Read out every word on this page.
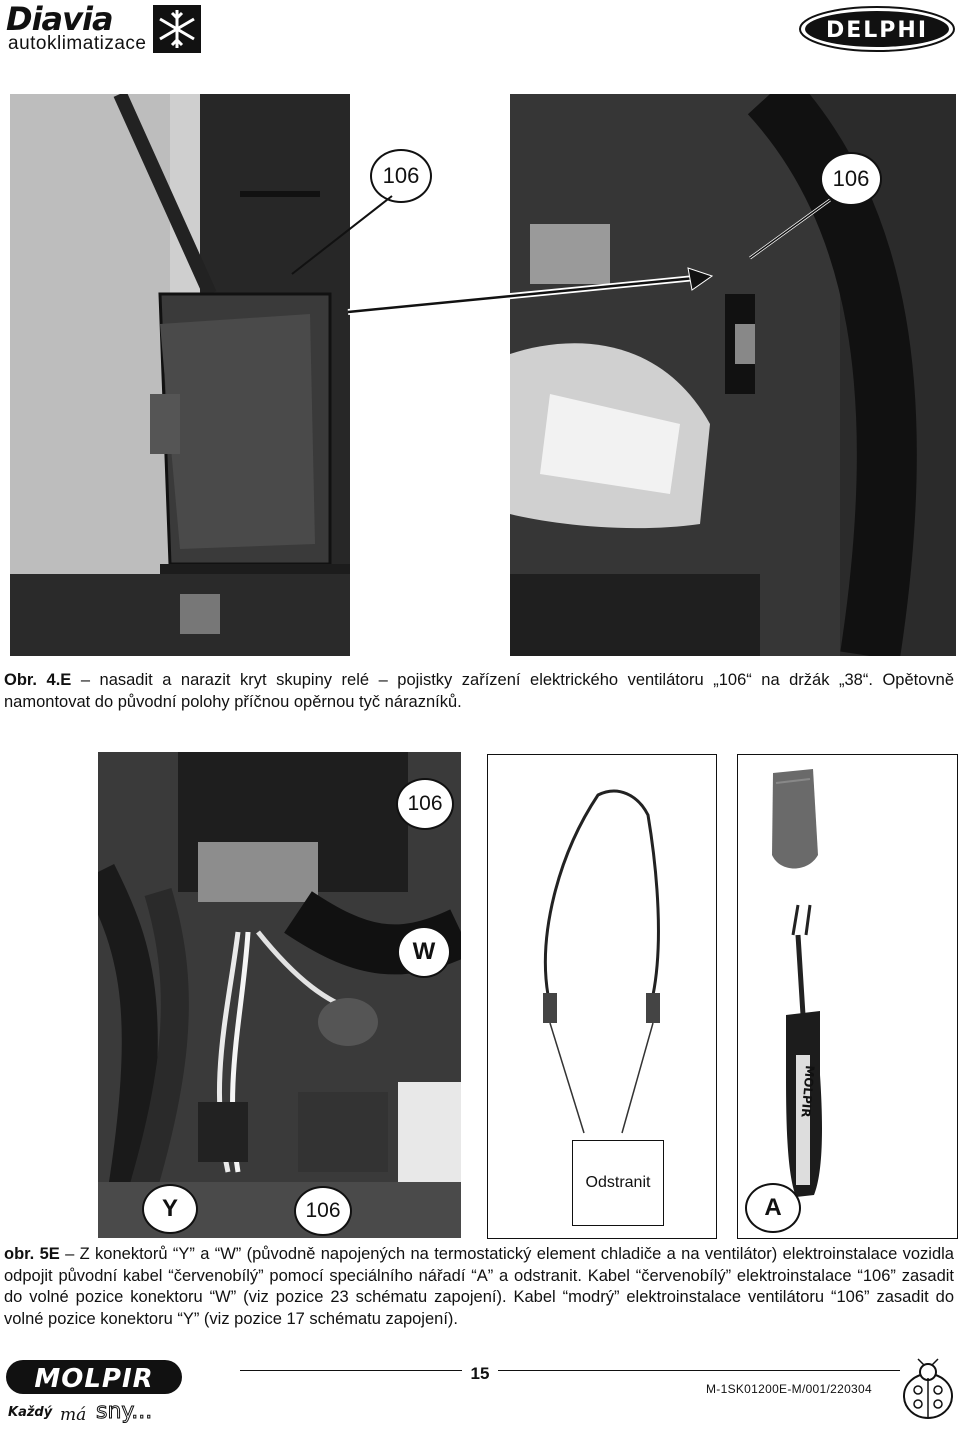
Diavia
autoklimatizace
DELPHI
106	106
Obr. 4.E – nasadit a narazit kryt skupiny relé – pojistky zařízení elektrického ventilátoru „106“ na držák „38“. Opětovně namontovat do původní polohy příčnou opěrnou tyč nárazníků.
106
W
Y	106
Odstranit
MOLPIR
A
obr. 5E – Z konektorů “Y” a “W” (původně napojených na termostatický element chladiče a na ventilátor) elektroinstalace vozidla odpojit původní kabel “červenobílý” pomocí speciálního nářadí “A” a odstranit. Kabel “červenobílý” elektroinstalace “106” zasadit do volné pozice konektoru “W” (viz pozice 23 schématu zapojení). Kabel “modrý” elektroinstalace ventilátoru “106” zasadit do volné pozice konektoru “Y” (viz pozice 17 schématu zapojení).
MOLPIR
Každý má sny...
15
M-1SK01200E-M/001/220304
